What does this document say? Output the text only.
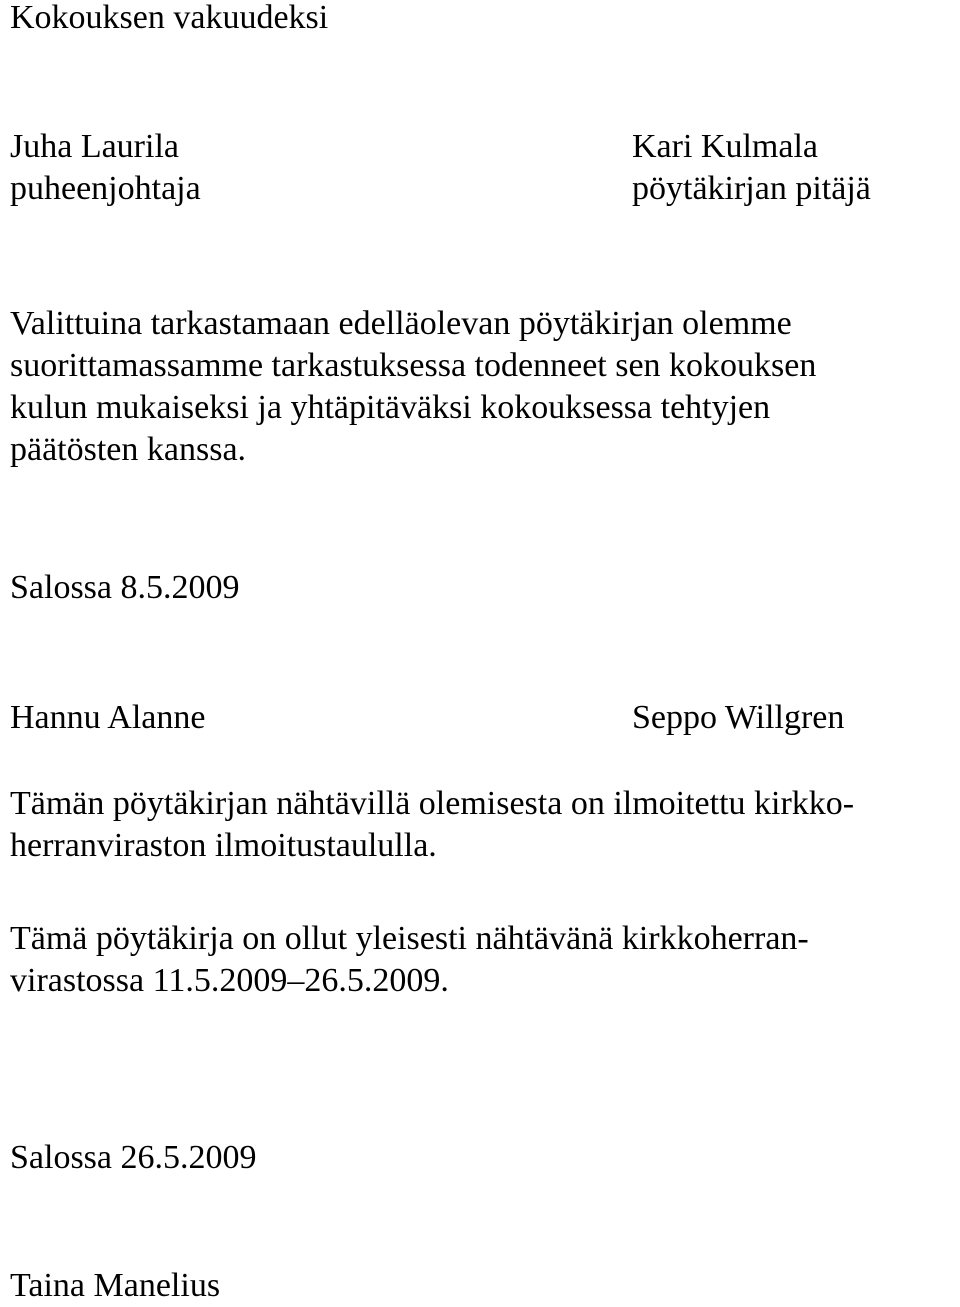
Kokouksen vakuudeksi
Juha Laurila
puheenjohtaja
Kari Kulmala
pöytäkirjan pitäjä
Valittuina tarkastamaan edelläolevan pöytäkirjan olemme
suorittamassamme tarkastuksessa todenneet sen kokouksen
kulun mukaiseksi ja yhtäpitäväksi kokouksessa tehtyjen
päätösten kanssa.
Salossa 8.5.2009
Hannu Alanne	Seppo Willgren
Tämän pöytäkirjan nähtävillä olemisesta on ilmoitettu kirkko-
herranviraston ilmoitustaululla.
Tämä pöytäkirja on ollut yleisesti nähtävänä kirkkoherran-
virastossa 11.5.2009–26.5.2009.
Salossa 26.5.2009
Taina Manelius
